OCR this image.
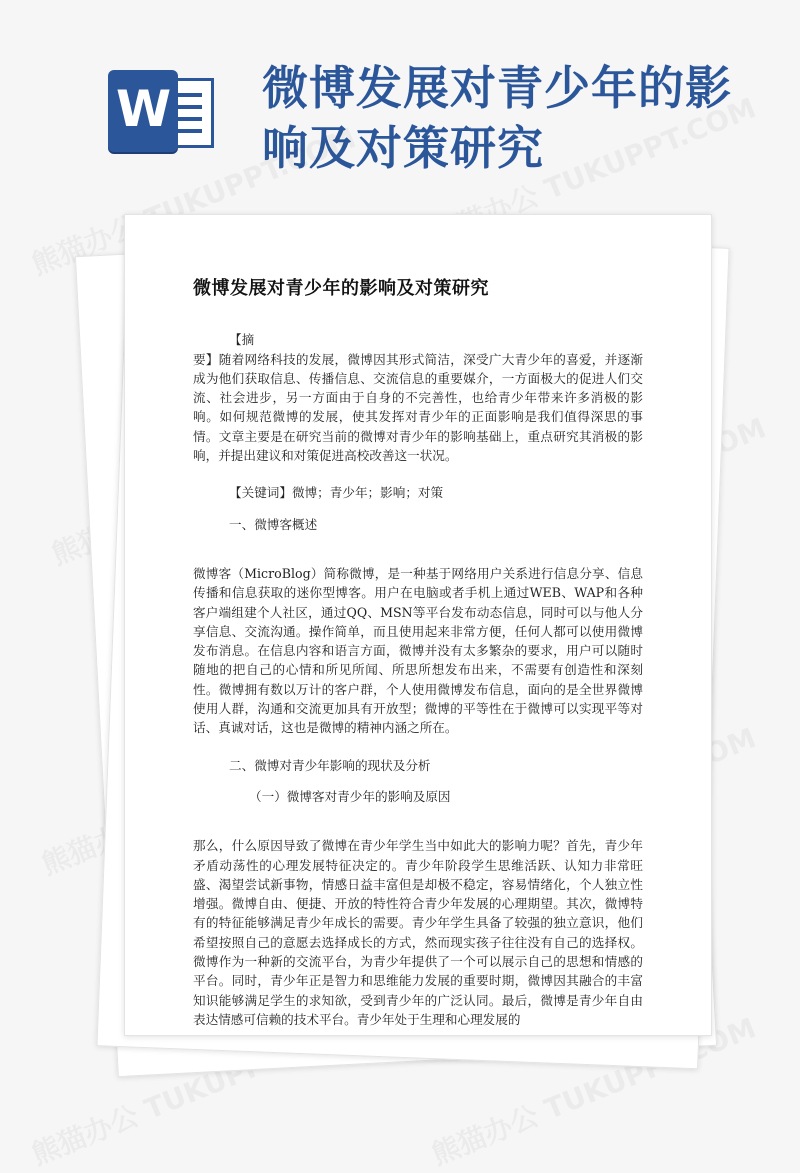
W 微博发展对青少年的影响及对策研究
微博发展对青少年的影响及对策研究

【摘

要】随着网络科技的发展，微博因其形式简洁，深受广大青少年的喜爱，并逐渐成为他们获取信息、传播信息、交流信息的重要媒介，一方面极大的促进人们交流、社会进步，另一方面由于自身的不完善性，也给青少年带来许多消极的影响。如何规范微博的发展，使其发挥对青少年的正面影响是我们值得深思的事情。文章主要是在研究当前的微博对青少年的影响基础上，重点研究其消极的影响，并提出建议和对策促进高校改善这一状况。

【关键词】微博；青少年；影响；对策

一、微博客概述

微博客（MicroBlog）简称微博，是一种基于网络用户关系进行信息分享、信息传播和信息获取的迷你型博客。用户在电脑或者手机上通过WEB、WAP和各种客户端组建个人社区，通过QQ、MSN等平台发布动态信息，同时可以与他人分享信息、交流沟通。操作简单，而且使用起来非常方便，任何人都可以使用微博发布消息。在信息内容和语言方面，微博并没有太多繁杂的要求，用户可以随时随地的把自己的心情和所见所闻、所思所想发布出来，不需要有创造性和深刻性。微博拥有数以万计的客户群，个人使用微博发布信息，面向的是全世界微博使用人群，沟通和交流更加具有开放型；微博的平等性在于微博可以实现平等对话、真诚对话，这也是微博的精神内涵之所在。

二、微博对青少年影响的现状及分析

（一）微博客对青少年的影响及原因

那么，什么原因导致了微博在青少年学生当中如此大的影响力呢？首先，青少年矛盾动荡性的心理发展特征决定的。青少年阶段学生思维活跃、认知力非常旺盛、渴望尝试新事物，情感日益丰富但是却极不稳定，容易情绪化，个人独立性增强。微博自由、便捷、开放的特性符合青少年发展的心理期望。其次，微博特有的特征能够满足青少年成长的需要。青少年学生具备了较强的独立意识，他们希望按照自己的意愿去选择成长的方式，然而现实孩子往往没有自己的选择权。微博作为一种新的交流平台，为青少年提供了一个可以展示自己的思想和情感的平台。同时，青少年正是智力和思维能力发展的重要时期，微博因其融合的丰富知识能够满足学生的求知欲，受到青少年的广泛认同。最后，微博是青少年自由表达情感可信赖的技术平台。青少年处于生理和心理发展的
